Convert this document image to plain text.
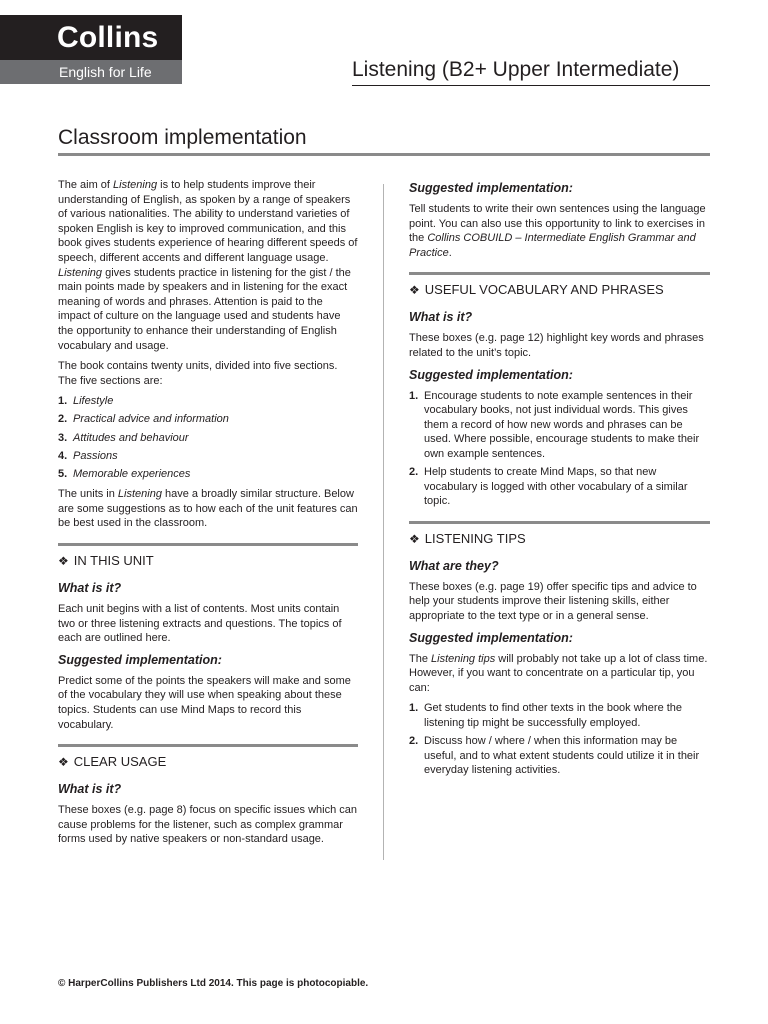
Collins
English for Life	Listening (B2+ Upper Intermediate)
Classroom implementation

The aim of Listening is to help students improve their understanding of English, as spoken by a range of speakers of various nationalities. The ability to understand varieties of spoken English is key to improved communication, and this book gives students experience of hearing different speeds of speech, different accents and different language usage. Listening gives students practice in listening for the gist / the main points made by speakers and in listening for the exact meaning of words and phrases. Attention is paid to the impact of culture on the language used and students have the opportunity to enhance their understanding of English vocabulary and usage.

The book contains twenty units, divided into five sections. The five sections are:

1. Lifestyle
2. Practical advice and information
3. Attitudes and behaviour
4. Passions
5. Memorable experiences

The units in Listening have a broadly similar structure. Below are some suggestions as to how each of the unit features can be best used in the classroom.

❖ IN THIS UNIT
What is it?

Each unit begins with a list of contents. Most units contain two or three listening extracts and questions. The topics of each are outlined here.

Suggested implementation:

Predict some of the points the speakers will make and some of the vocabulary they will use when speaking about these topics. Students can use Mind Maps to record this vocabulary.

❖ CLEAR USAGE
What is it?

These boxes (e.g. page 8) focus on specific issues which can cause problems for the listener, such as complex grammar forms used by native speakers or non-standard usage.

Suggested implementation:

Tell students to write their own sentences using the language point. You can also use this opportunity to link to exercises in the Collins COBUILD – Intermediate English Grammar and Practice.

❖ USEFUL VOCABULARY AND PHRASES
What is it?

These boxes (e.g. page 12) highlight key words and phrases related to the unit’s topic.

Suggested implementation:
1. Encourage students to note example sentences in their vocabulary books, not just individual words. This gives them a record of how new words and phrases can be used. Where possible, encourage students to make their own example sentences.
2. Help students to create Mind Maps, so that new vocabulary is logged with other vocabulary of a similar topic.
❖ LISTENING TIPS
What are they?

These boxes (e.g. page 19) offer specific tips and advice to help your students improve their listening skills, either appropriate to the text type or in a general sense.

Suggested implementation:

The Listening tips will probably not take up a lot of class time. However, if you want to concentrate on a particular tip, you can:

1. Get students to find other texts in the book where the listening tip might be successfully employed.
2. Discuss how / where / when this information may be useful, and to what extent students could utilize it in their everyday listening activities.
© HarperCollins Publishers Ltd 2014. This page is photocopiable.
